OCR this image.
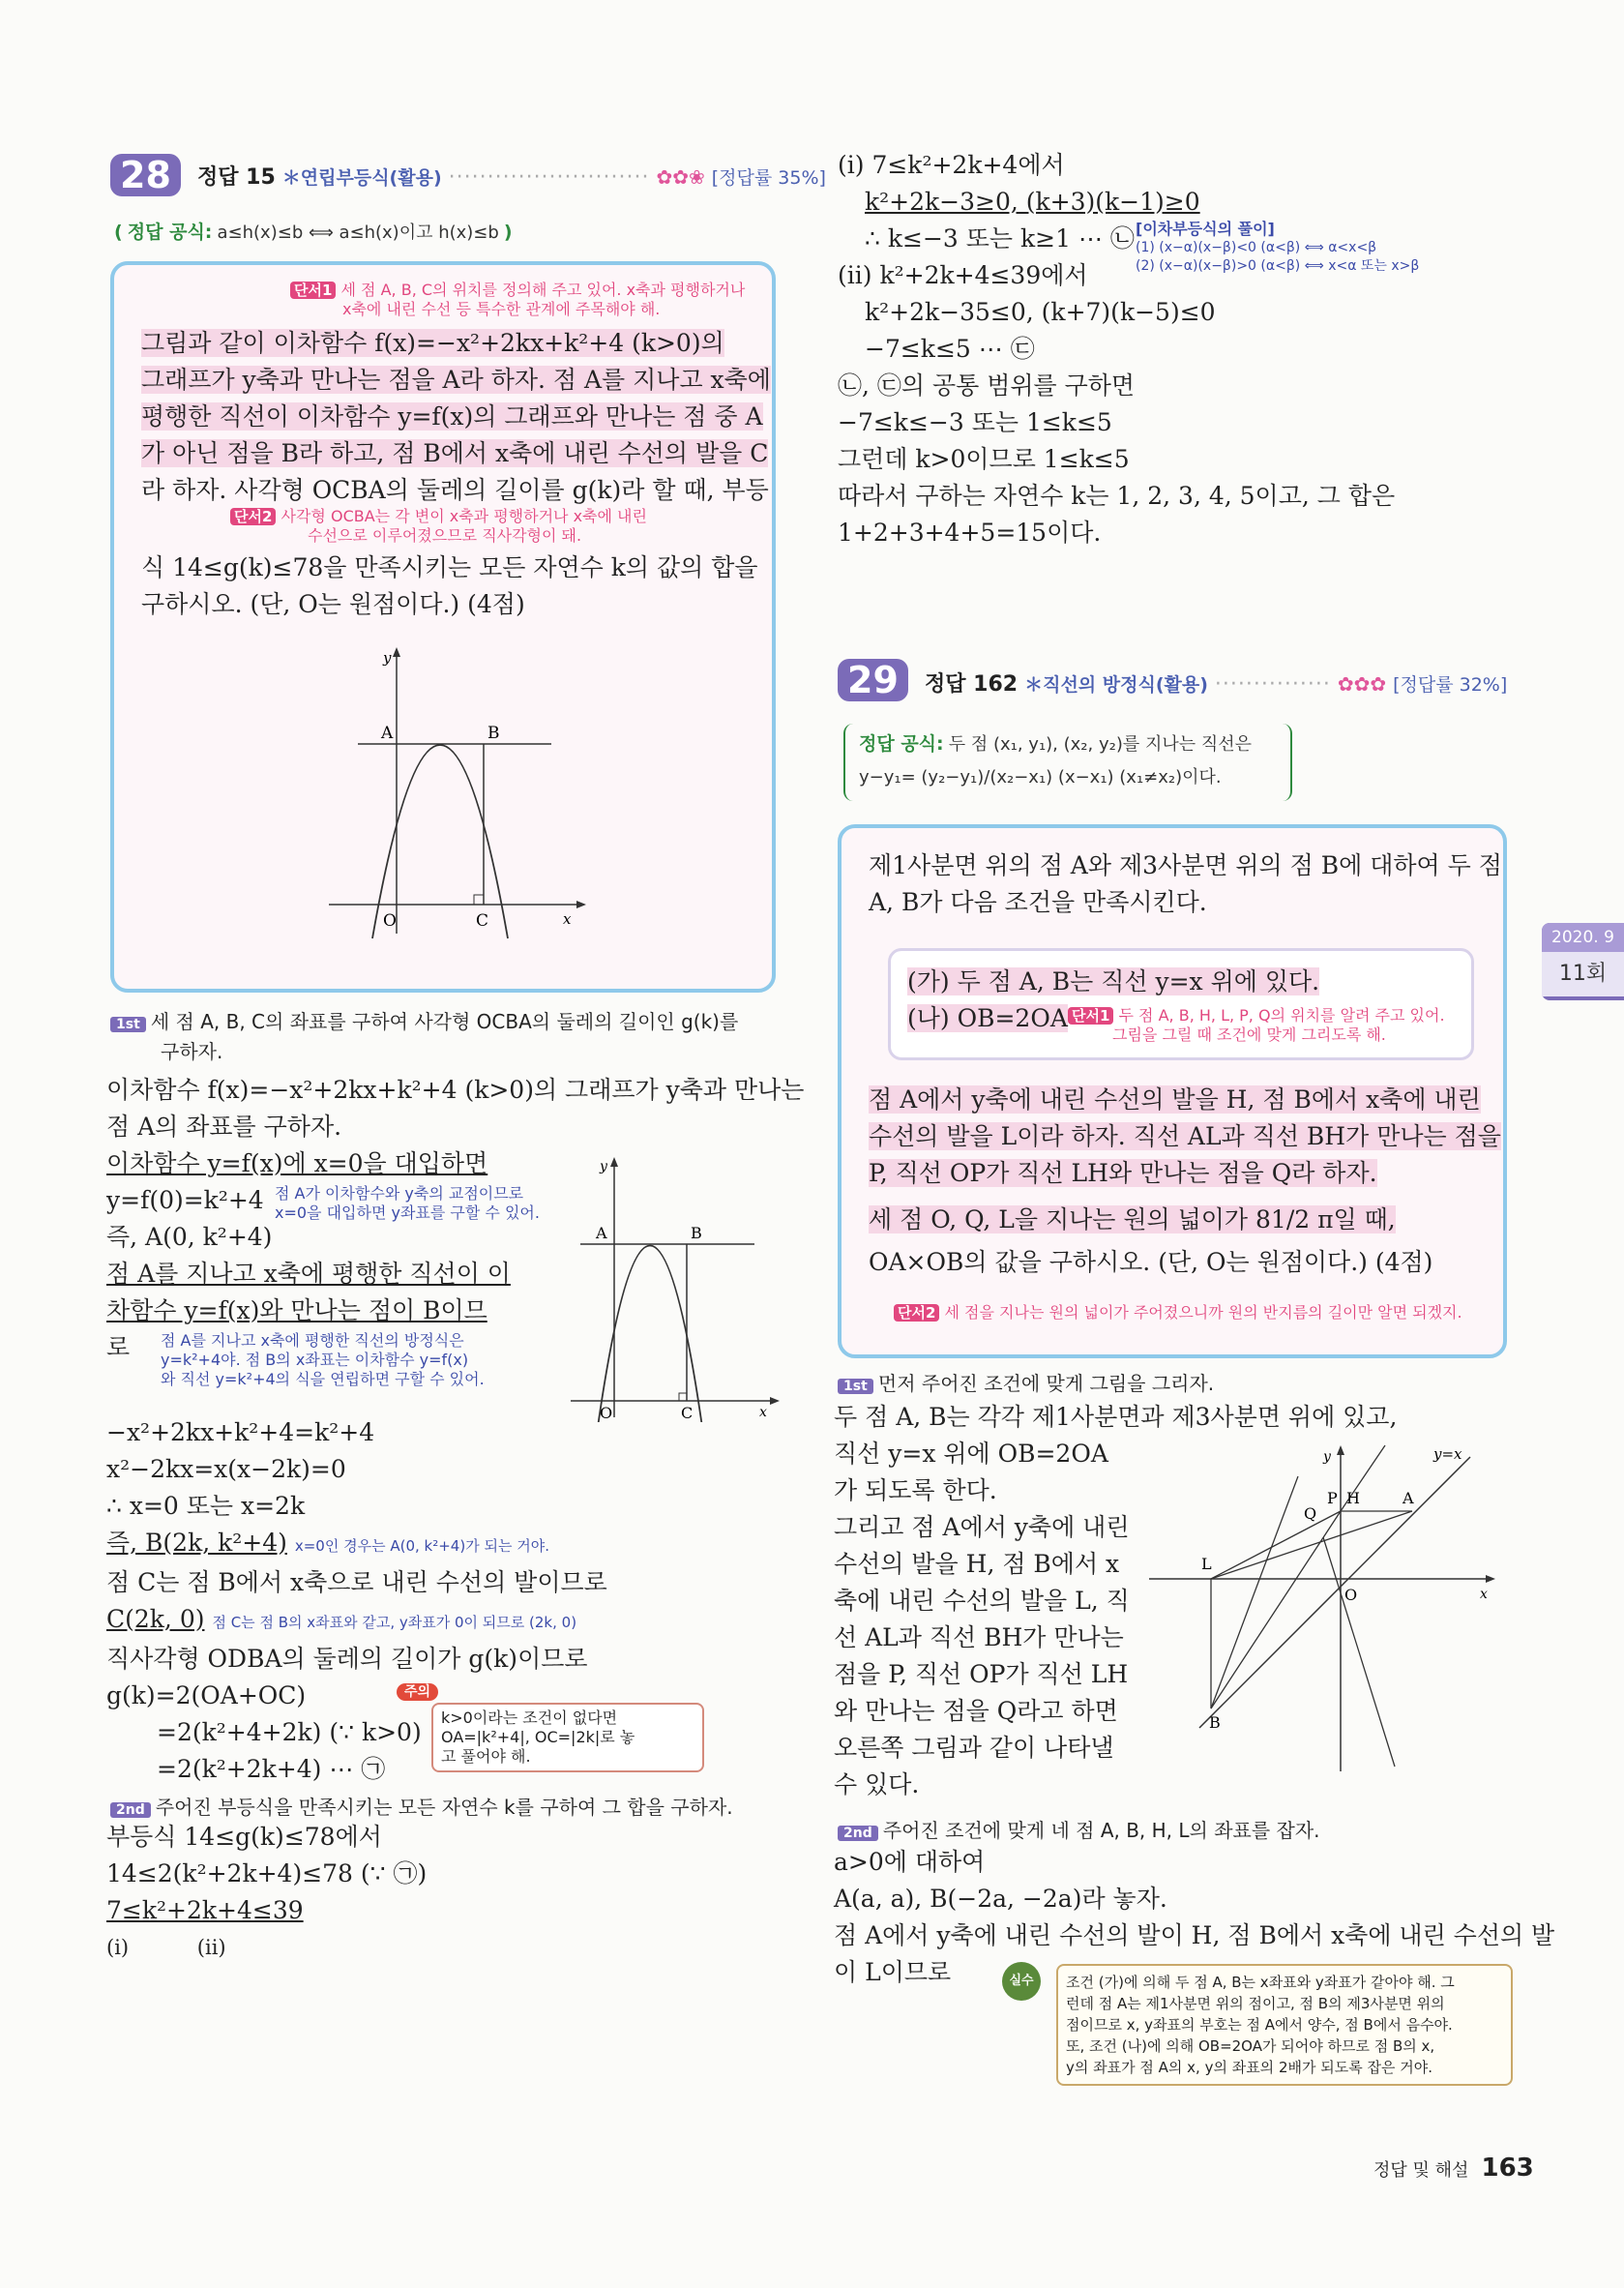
28	정답 15 ＊연립부등식(활용) ·························· ✿✿❀ [정답률 35%]
( 정답 공식: a≤h(x)≤b ⟺ a≤h(x)이고 h(x)≤b )
단서1 세 점 A, B, C의 위치를 정의해 주고 있어. x축과 평행하거나
x축에 내린 수선 등 특수한 관계에 주목해야 해.
그림과 같이 이차함수 f(x)=−x²+2kx+k²+4 (k>0)의
그래프가 y축과 만나는 점을 A라 하자. 점 A를 지나고 x축에
평행한 직선이 이차함수 y=f(x)의 그래프와 만나는 점 중 A
가 아닌 점을 B라 하고, 점 B에서 x축에 내린 수선의 발을 C
라 하자. 사각형 OCBA의 둘레의 길이를 g(k)라 할 때, 부등
단서2 사각형 OCBA는 각 변이 x축과 평행하거나 x축에 내린
수선으로 이루어졌으므로 직사각형이 돼.
식 14≤g(k)≤78을 만족시키는 모든 자연수 k의 값의 합을
구하시오. (단, O는 원점이다.) (4점)
y
x
A	B
O	C
1st 세 점 A, B, C의 좌표를 구하여 사각형 OCBA의 둘레의 길이인 g(k)를
구하자.
이차함수 f(x)=−x²+2kx+k²+4 (k>0)의 그래프가 y축과 만나는
점 A의 좌표를 구하자.
이차함수 y=f(x)에 x=0을 대입하면
y=f(0)=k²+4
즉, A(0, k²+4)
점 A를 지나고 x축에 평행한 직선이 이
차함수 y=f(x)와 만나는 점이 B이므
로
점 A가 이차함수와 y축의 교점이므로
x=0을 대입하면 y좌표를 구할 수 있어.
점 A를 지나고 x축에 평행한 직선의 방정식은
y=k²+4야. 점 B의 x좌표는 이차함수 y=f(x)
와 직선 y=k²+4의 식을 연립하면 구할 수 있어.
y
x
A	B
O	C
−x²+2kx+k²+4=k²+4
x²−2kx=x(x−2k)=0
∴ x=0 또는 x=2k
즉, B(2k, k²+4) x=0인 경우는 A(0, k²+4)가 되는 거야.
점 C는 점 B에서 x축으로 내린 수선의 발이므로
C(2k, 0) 점 C는 점 B의 x좌표와 같고, y좌표가 0이 되므로 (2k, 0)
직사각형 ODBA의 둘레의 길이가 g(k)이므로
g(k)=2(OA+OC)
=2(k²+4+2k) (∵ k>0)
=2(k²+2k+4) ⋯ ㉠
주의
k>0이라는 조건이 없다면
OA=|k²+4|, OC=|2k|로 놓
고 풀어야 해.
2nd 주어진 부등식을 만족시키는 모든 자연수 k를 구하여 그 합을 구하자.
부등식 14≤g(k)≤78에서
14≤2(k²+2k+4)≤78 (∵ ㉠)
7≤k²+2k+4≤39
(i)	(ii)
(i) 7≤k²+2k+4에서
k²+2k−3≥0, (k+3)(k−1)≥0
∴ k≤−3 또는 k≥1 ⋯ ㉡
(ii) k²+2k+4≤39에서
k²+2k−35≤0, (k+7)(k−5)≤0
−7≤k≤5 ⋯ ㉢
㉡, ㉢의 공통 범위를 구하면
−7≤k≤−3 또는 1≤k≤5
그런데 k>0이므로 1≤k≤5
따라서 구하는 자연수 k는 1, 2, 3, 4, 5이고, 그 합은
1+2+3+4+5=15이다.
[이차부등식의 풀이]
(1) (x−α)(x−β)<0 (α<β) ⟺ α<x<β
(2) (x−α)(x−β)>0 (α<β) ⟺ x<α 또는 x>β
29	정답 162 ＊직선의 방정식(활용) ··············· ✿✿✿ [정답률 32%]
정답 공식: 두 점 (x₁, y₁), (x₂, y₂)를 지나는 직선은
y−y₁= (y₂−y₁)/(x₂−x₁) (x−x₁) (x₁≠x₂)이다.
제1사분면 위의 점 A와 제3사분면 위의 점 B에 대하여 두 점
A, B가 다음 조건을 만족시킨다.
(가) 두 점 A, B는 직선 y=x 위에 있다.
(나) OB=2OA 단서1 두 점 A, B, H, L, P, Q의 위치를 알려 주고 있어.
그림을 그릴 때 조건에 맞게 그리도록 해.
점 A에서 y축에 내린 수선의 발을 H, 점 B에서 x축에 내린
수선의 발을 L이라 하자. 직선 AL과 직선 BH가 만나는 점을
P, 직선 OP가 직선 LH와 만나는 점을 Q라 하자.
세 점 O, Q, L을 지나는 원의 넓이가 81/2 π일 때,
OA×OB의 값을 구하시오. (단, O는 원점이다.) (4점)
단서2 세 점을 지나는 원의 넓이가 주어졌으니까 원의 반지름의 길이만 알면 되겠지.
1st 먼저 주어진 조건에 맞게 그림을 그리자.
두 점 A, B는 각각 제1사분면과 제3사분면 위에 있고,
직선 y=x 위에 OB=2OA
가 되도록 한다.
그리고 점 A에서 y축에 내린
수선의 발을 H, 점 B에서 x
축에 내린 수선의 발을 L, 직
선 AL과 직선 BH가 만나는
점을 P, 직선 OP가 직선 LH
와 만나는 점을 Q라고 하면
오른쪽 그림과 같이 나타낼
수 있다.
y
x
y=x
P H	A
Q
L
O
B
2nd 주어진 조건에 맞게 네 점 A, B, H, L의 좌표를 잡자.
a>0에 대하여
A(a, a), B(−2a, −2a)라 놓자.
점 A에서 y축에 내린 수선의 발이 H, 점 B에서 x축에 내린 수선의 발
이 L이므로	실수	조건 (가)에 의해 두 점 A, B는 x좌표와 y좌표가 같아야 해. 그
런데 점 A는 제1사분면 위의 점이고, 점 B의 제3사분면 위의
점이므로 x, y좌표의 부호는 점 A에서 양수, 점 B에서 음수야.
또, 조건 (나)에 의해 OB=2OA가 되어야 하므로 점 B의 x,
y의 좌표가 점 A의 x, y의 좌표의 2배가 되도록 잡은 거야.
2020. 9
11회
정답 및 해설 163
